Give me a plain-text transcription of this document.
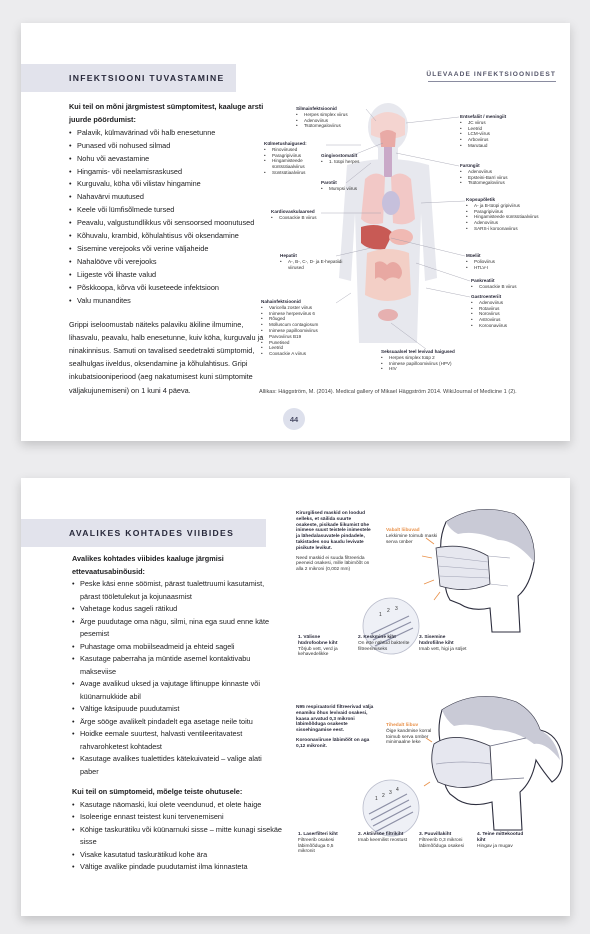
INFEKTSIOONI TUVASTAMINE	ÜLEVAADE INFEKTSIOONIDEST
Kui teil on mõni järgmistest sümptomitest, kaaluge arsti juurde pöördumist:
• Palavik, külmavärinad või halb enesetunne
• Punased või nohused silmad
• Nohu või aevastamine
• Hingamis- või neelamisraskused
• Kurguvalu, köha või vilistav hingamine
• Nahavärvi muutused
• Keele või lümfisõlmede tursed
• Peavalu, valgustundlikkus või sensoorsed moonutused
• Kõhuvalu, krambid, kõhulahtisus või oksendamine
• Sisemine verejooks või verine väljaheide
• Nahalööve või verejooks
• Liigeste või lihaste valud
• Põskkoopa, kõrva või kuseteede infektsioon
• Valu munandites
Grippi iseloomustab näiteks palaviku äkiline ilmumine, lihasvalu, peavalu, halb enesetunne, kuiv köha, kurguvalu ja ninakinnisus. Samuti on tavalised seedetrakti sümptomid, sealhulgas iiveldus, oksendamine ja kõhulahtisus. Gripi inkubatsiooniperiood (aeg nakatumisest kuni sümptomite väljakujunemiseni) on 1 kuni 4 päeva.
Silmainfektsioonid
• Herpes simplex viirus
• Adenoviirus
• Tsütomegaloviirus
Külmetushaigused:
• Rinoviirused
• Paragripiviirus
• Hingamisteede süntsütiaalviirus
• Süntsütiaalviirus
Gingivostomatiit
• 1. tüüpi herpes
Parotiit
• Mumpsi viirus
Kardiovaskulaarsed
• Coxsackie B viirus
Hepatiit
• A-, B-, C-, D- ja E-hepatiidi viirused
Nahainfektsioonid
• Varicella zoster viirus
• Inimese herpesviirus 6
• Rõuged
• Molluscum contagiosum
• Inimese papilloomiviirus
• Parvoviirus B19
• Punetised
• Leetrid
• Coxsackie A viirus
Entsefaliit / meningiit
• JC viirus
• Leetrid
• LCM-viirus
• Arboviirus
• Marutaud
Farüngiit
• Adenoviirus
• Epsteini-Barri viirus
• Tsütomegaloviirus
Kopsupõletik
• A- ja B-tüüpi gripiviirus
• Paragripiviirus
• Hingamisteede süntsütiaalviirus
• Adenoviirus
• SARS-i koroonaviirus
Müeliit
• Polioviirus
• HTLV-I
Pankreatiit
• Coxsackie B viirus
Gastroenteriit
• Adenoviirus
• Rotaviirus
• Noroviirus
• Astroviirus
• Koroonaviirus
Seksuaalsel teel levivad haigused
• Herpes simplex tüüp 2
• Inimese papilloomiviirus (HPV)
• HIV
Allikas: Häggström, M. (2014). Medical gallery of Mikael Häggström 2014. WikiJournal of Medicine 1 (2).
44
AVALIKES KOHTADES VIIBIDES
Avalikes kohtades viibides kaaluge järgmisi ettevaatusabinõusid:
• Peske käsi enne söömist, pärast tualettruumi kasutamist, pärast tööletulekut ja kojunaasmist
• Vahetage kodus sageli rätikud
• Ärge puudutage oma nägu, silmi, nina ega suud enne käte pesemist
• Puhastage oma mobiilseadmeid ja ehteid sageli
• Kasutage paberraha ja müntide asemel kontaktivabu makseviise
• Avage avalikud uksed ja vajutage liftinuppe kinnaste või küünarnukkide abil
• Vältige käsipuude puudutamist
• Ärge sööge avalikelt pindadelt ega asetage neile toitu
• Hoidke eemale suurtest, halvasti ventileeritavatest rahvarohketest kohtadest
• Kasutage avalikes tualettides kätekuivateid – valige alati paber
Kui teil on sümptomeid, mõelge teiste ohutusele:
• Kasutage näomaski, kui olete veendunud, et olete haige
• Isoleerige ennast teistest kuni tervenemiseni
• Köhige taskurätiku või küünarnuki sisse – mitte kunagi sisekäe sisse
• Visake kasutatud taskurätikud kohe ära
• Vältige avalike pindade puudutamist ilma kinnasteta
Kirurgilised maskid on loodud selleks, et säilida suurte osakeste, pisikade liikumist ühe inimese suust teistele inimestele ja lähedalasuvatele pindadele, takistades sou kaudu levivate pisikute levikut.
Need maskid ei suuda filtreerida peeneid osakesi, mille läbimõõt on alla 2 mikroni (0,002 mm)
Vabalt liibuvad
Lekkimine toimub maski serva ümber
1
2 3
1. Välisne hüdrofoobne kiht
Tõrjub vett, verd ja kehavedelikke
2. Keskmine kiht
On ette nähtud bakterite filtreerimiseks
3. Sisemine hüdrofiilne kiht
Imab vett, higi ja süljet
N95 respiraatorid filtreerivad välja enamiku õhus levivaid osakesi, kaasa arvatud 0,3 mikroni läbimõõduga osakeste sissehingamise eest.
Koroonaviiruse läbimõõt on aga 0,12 mikronit.
Tihedalt liibuv
Õige kandmise korral toimub serva ümber minimaalne leke
1 2 3 4
1. Laserfilteri kiht
Filtreerib osakesi läbimõõduga 0,5 mikronit
2. Aktiivsöe filtrikiht
Imab keemilist reostust
3. Puuvillakiht
Filtreerib 0,3 mikroni läbimõõduga osakesi
4. Teine mittekootud kiht
Hingav ja mugav
